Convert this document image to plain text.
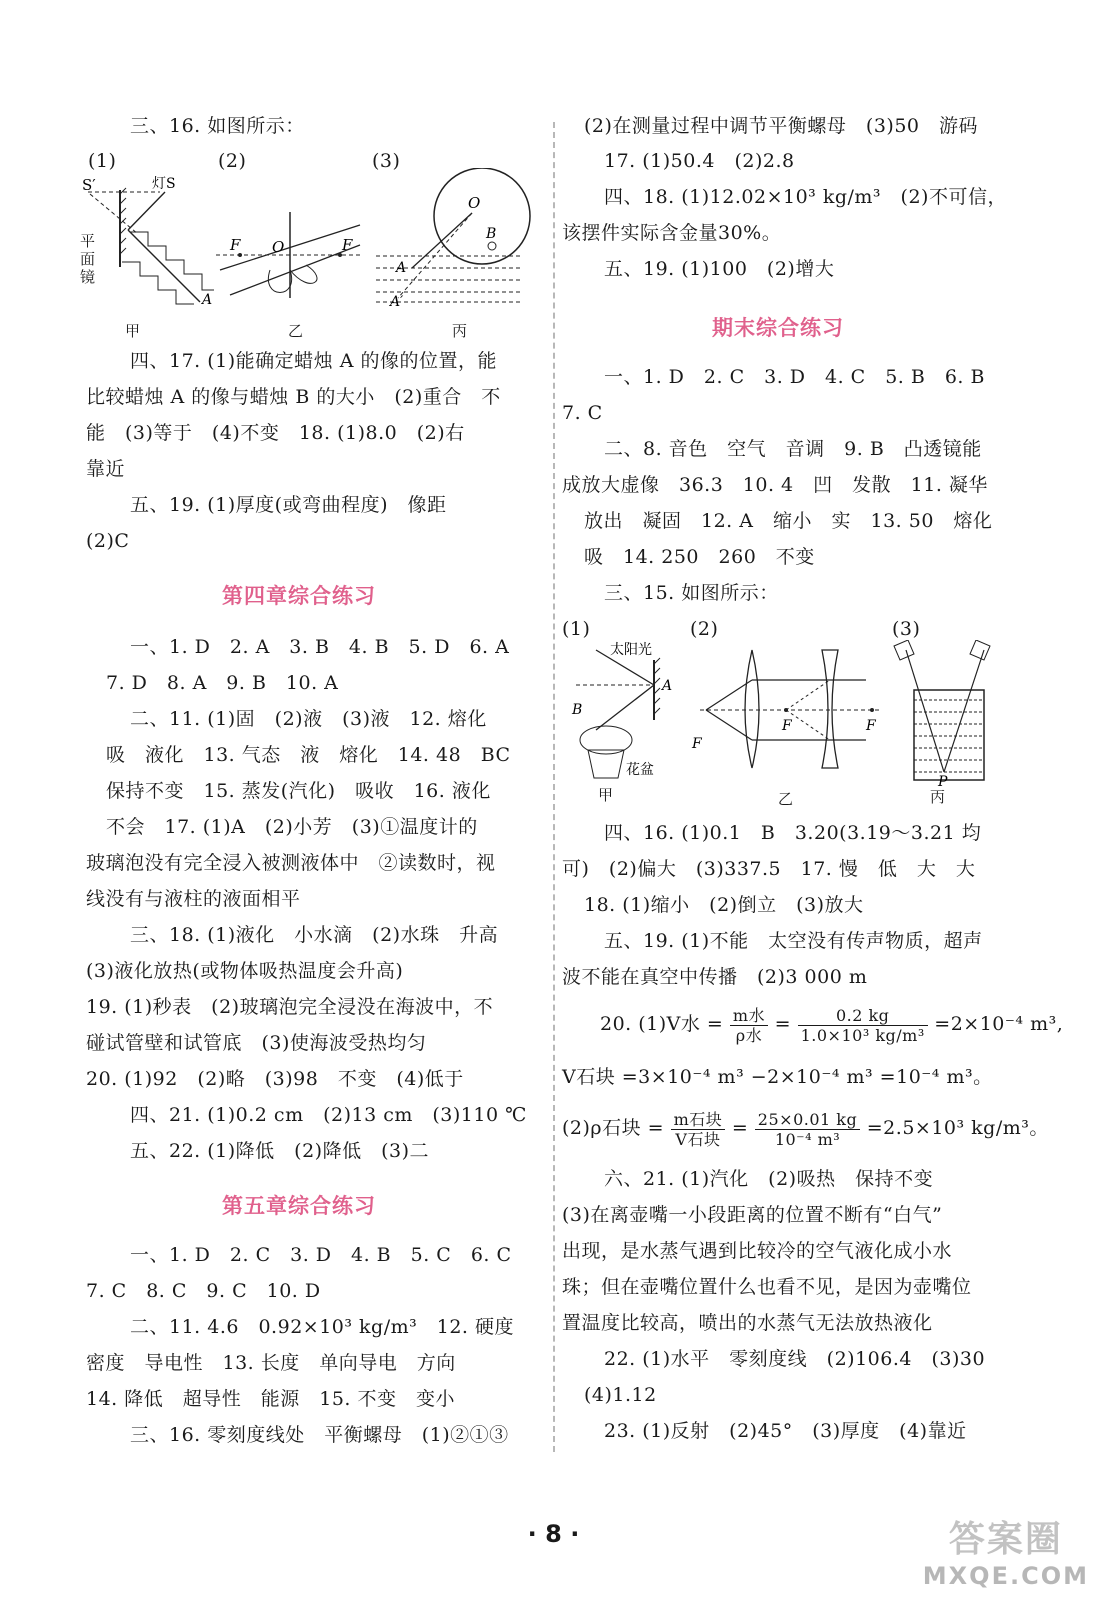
三、16. 如图所示：
(1)	(2)	(3)
S′	灯S
A
平面镜
甲
F O	F
乙
O
B
A
A′
丙
四、17. (1)能确定蜡烛 A 的像的位置，能
比较蜡烛 A 的像与蜡烛 B 的大小　(2)重合　不
能　(3)等于　(4)不变　18. (1)8.0　(2)右
靠近
五、19. (1)厚度(或弯曲程度)　像距
(2)C
第四章综合练习
一、1. D　2. A　3. B　4. B　5. D　6. A
7. D　8. A　9. B　10. A
二、11. (1)固　(2)液　(3)液　12. 熔化
吸　液化　13. 气态　液　熔化　14. 48　BC
保持不变　15. 蒸发(汽化)　吸收　16. 液化
不会　17. (1)A　(2)小芳　(3)①温度计的
玻璃泡没有完全浸入被测液体中　②读数时，视
线没有与液柱的液面相平
三、18. (1)液化　小水滴　(2)水珠　升高
(3)液化放热(或物体吸热温度会升高)
19. (1)秒表　(2)玻璃泡完全浸没在海波中，不
碰试管壁和试管底　(3)使海波受热均匀
20. (1)92　(2)略　(3)98　不变　(4)低于
四、21. (1)0.2 cm　(2)13 cm　(3)110 ℃
五、22. (1)降低　(2)降低　(3)二
第五章综合练习
一、1. D　2. C　3. D　4. B　5. C　6. C
7. C　8. C　9. C　10. D
二、11. 4.6　0.92×10³ kg/m³　12. 硬度
密度　导电性　13. 长度　单向导电　方向
14. 降低　超导性　能源　15. 不变　变小
三、16. 零刻度线处　平衡螺母　(1)②①③
(2)在测量过程中调节平衡螺母　(3)50　游码
17. (1)50.4　(2)2.8
四、18. (1)12.02×10³ kg/m³　(2)不可信，
该摆件实际含金量30%。
五、19. (1)100　(2)增大
期末综合练习
一、1. D　2. C　3. D　4. C　5. B　6. B
7. C
二、8. 音色　空气　音调　9. B　凸透镜能
成放大虚像　36.3　10. 4　凹　发散　11. 凝华
放出　凝固　12. A　缩小　实　13. 50　熔化
吸　14. 250　260　不变
三、15. 如图所示：
(1)	(2)	(3)
太阳光
A
B
花盆
甲
F
F	F
乙
P
丙
四、16. (1)0.1　B　3.20(3.19～3.21 均
可)　(2)偏大　(3)337.5　17. 慢　低　大　大
18. (1)缩小　(2)倒立　(3)放大
五、19. (1)不能　太空没有传声物质，超声
波不能在真空中传播　(2)3 000 m
20. (1)V水 = $\frac{\text{m水}}{\text{ρ水}} = \frac{0.2 kg}{\text{1.0×10³ kg/m³}} =2\times 10^{-4}$ m³,
V石块 =3×10⁻⁴ m³ −2×10⁻⁴ m³ =10⁻⁴ m³。
(2)ρ石块 = $\frac{\text{m石块}}{\text{V石块}} = \frac{25\times 0.01 kg}{\text{10⁻⁴ m³}} =2.5\times 10^3$ kg/m³。
六、21. (1)汽化　(2)吸热　保持不变
(3)在离壶嘴一小段距离的位置不断有“白气”
出现，是水蒸气遇到比较冷的空气液化成小水
珠；但在壶嘴位置什么也看不见，是因为壶嘴位
置温度比较高，喷出的水蒸气无法放热液化
22. (1)水平　零刻度线　(2)106.4　(3)30
(4)1.12
23. (1)反射　(2)45°　(3)厚度　(4)靠近
· 8 ·	答案圈
MXQE.COM
